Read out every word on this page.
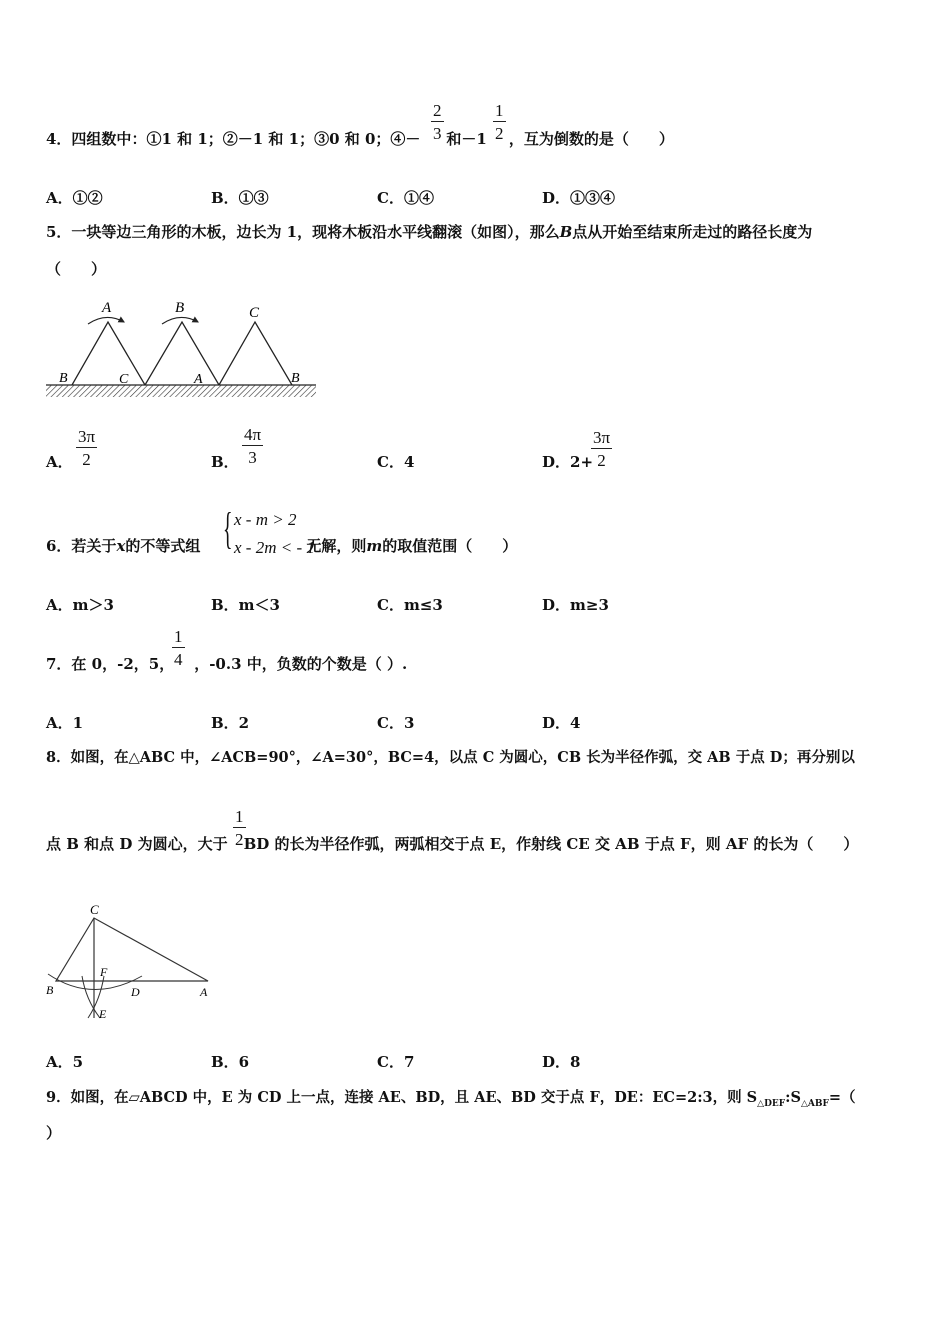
4．四组数中：①1 和 1；②－1 和 1；③0 和 0；④－ 和－1 ，互为倒数的是（　　）
$\frac{2}{3}$	$\frac{1}{2}$
A．①②	B．①③	C．①④	D．①③④
5．一块等边三角形的木板，边长为 1，现将木板沿水平线翻滚（如图），那么B点从开始至结束所走过的路径长度为
（　　）
A	B	C
B	C	A	B
A． $\frac{3\pi}{2}$	B． $\frac{4\pi}{3}$	C．4	D．2+
$\frac{3\pi}{2}$
6．若关于x的不等式组	无解，则m的取值范围（　　）
{ x - m > 2
x - 2m < - 1
A．m＞3	B．m＜3	C．m≤3	D．m≥3
7．在 0，-2，5， ，-0.3 中，负数的个数是（ ）.
$\frac{1}{4}$
A．1	B．2	C．3	D．4
8．如图，在△ABC 中，∠ACB=90°，∠A=30°，BC=4，以点 C 为圆心，CB 长为半径作弧，交 AB 于点 D；再分别以
点 B 和点 D 为圆心，大于 BD 的长为半径作弧，两弧相交于点 E，作射线 CE 交 AB 于点 F，则 AF 的长为（　　）
$\frac{1}{2}$
C
F
B	D	A
E
A．5	B．6	C．7	D．8
9．如图，在▱ABCD 中，E 为 CD 上一点，连接 AE、BD，且 AE、BD 交于点 F，DE：EC=2:3，则 $S_{\triangle DEF}:S_{\triangle ABF}=$（
）
